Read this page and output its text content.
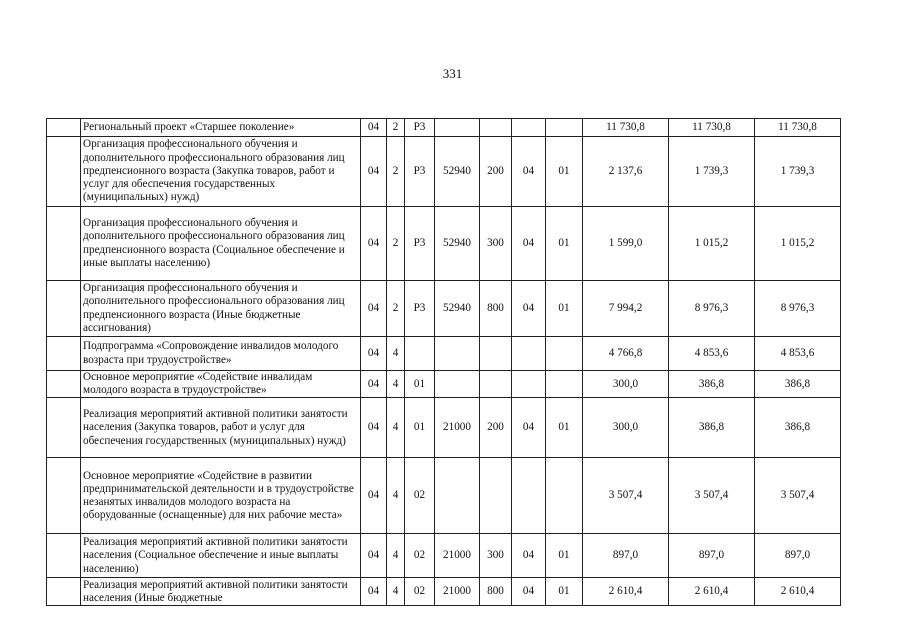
331
	Региональный проект «Старшее поколение»	04	2	Р3					11 730,8	11 730,8	11 730,8
	Организация профессионального обучения и дополнительного профессионального образования лиц предпенсионного возраста (Закупка товаров, работ и услуг для обеспечения государственных (муниципальных) нужд)	04	2	Р3	52940	200	04	01	2 137,6	1 739,3	1 739,3
	Организация профессионального обучения и дополнительного профессионального образования лиц предпенсионного возраста (Социальное обеспечение и иные выплаты населению)	04	2	Р3	52940	300	04	01	1 599,0	1 015,2	1 015,2
	Организация профессионального обучения и дополнительного профессионального образования лиц предпенсионного возраста (Иные бюджетные ассигнования)	04	2	Р3	52940	800	04	01	7 994,2	8 976,3	8 976,3
	Подпрограмма «Сопровождение инвалидов молодого возраста при трудоустройстве»	04	4						4 766,8	4 853,6	4 853,6
	Основное мероприятие «Содействие инвалидам молодого возраста в трудоустройстве»	04	4	01					300,0	386,8	386,8
	Реализация мероприятий активной политики занятости населения (Закупка товаров, работ и услуг для обеспечения государственных (муниципальных) нужд)	04	4	01	21000	200	04	01	300,0	386,8	386,8
	Основное мероприятие «Содействие в развитии предпринимательской деятельности и в трудоустройстве незанятых инвалидов молодого возраста на оборудованные (оснащенные) для них рабочие места»	04	4	02					3 507,4	3 507,4	3 507,4
	Реализация мероприятий активной политики занятости населения (Социальное обеспечение и иные выплаты населению)	04	4	02	21000	300	04	01	897,0	897,0	897,0
	Реализация мероприятий активной политики занятости населения (Иные бюджетные	04	4	02	21000	800	04	01	2 610,4	2 610,4	2 610,4
